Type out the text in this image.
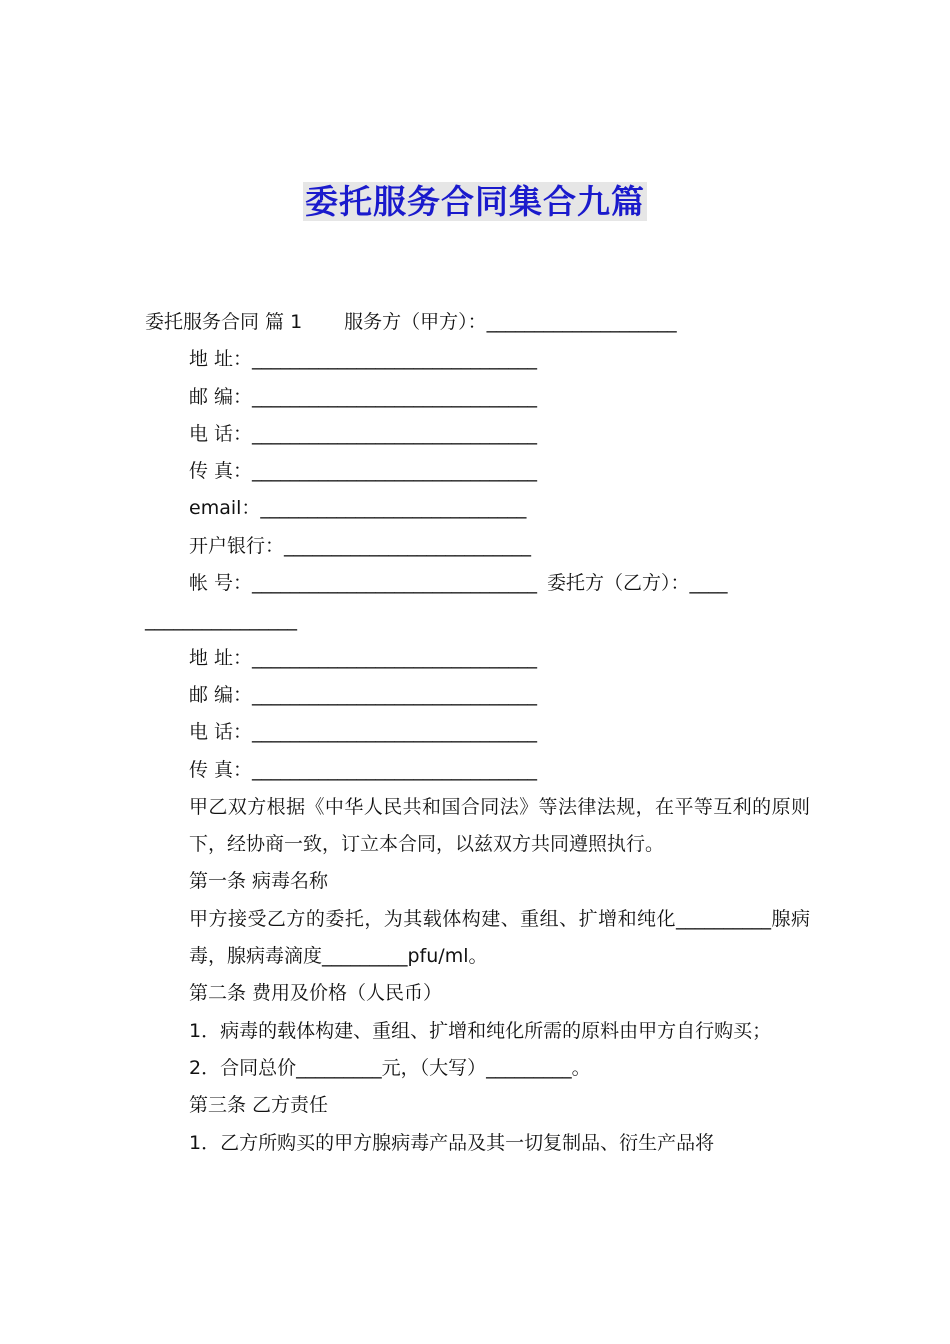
委托服务合同集合九篇

委托服务合同 篇 1 服务方（甲方）：____________________

地 址：______________________________

邮 编：______________________________

电 话：______________________________

传 真：______________________________

email：____________________________

开户银行：__________________________

帐 号：______________________________ 委托方（乙方）：____

________________

地 址：______________________________

邮 编：______________________________

电 话：______________________________

传 真：______________________________

甲乙双方根据《中华人民共和国合同法》等法律法规，在平等互利的原则下，经协商一致，订立本合同，以兹双方共同遵照执行。

第一条 病毒名称

甲方接受乙方的委托，为其载体构建、重组、扩增和纯化__________腺病毒，腺病毒滴度_________pfu/ml。

第二条 费用及价格（人民币）

1．病毒的载体构建、重组、扩增和纯化所需的原料由甲方自行购买；

2．合同总价_________元，（大写）_________。

第三条 乙方责任

1．乙方所购买的甲方腺病毒产品及其一切复制品、衍生产品将
